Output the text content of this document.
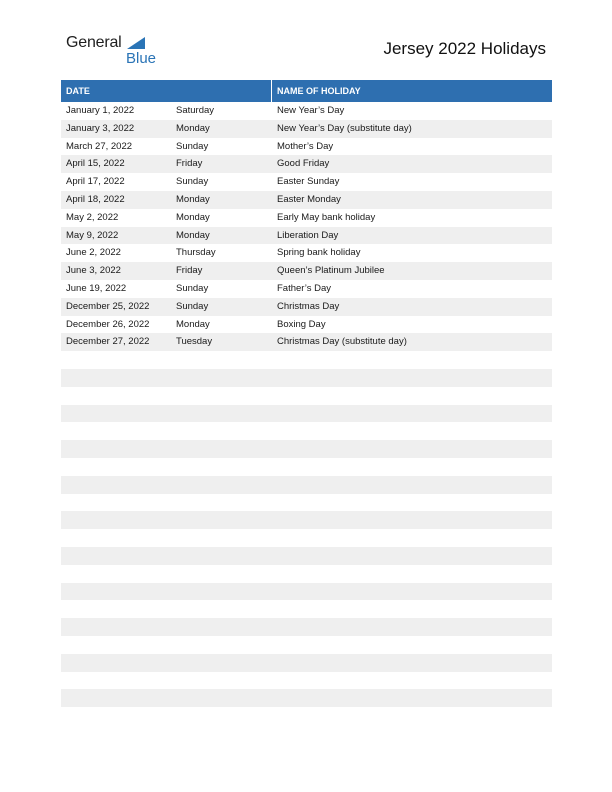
General
Blue
Jersey 2022 Holidays
DATE	NAME OF HOLIDAY
January 1, 2022	Saturday	New Year’s Day
January 3, 2022	Monday	New Year’s Day (substitute day)
March 27, 2022	Sunday	Mother’s Day
April 15, 2022	Friday	Good Friday
April 17, 2022	Sunday	Easter Sunday
April 18, 2022	Monday	Easter Monday
May 2, 2022	Monday	Early May bank holiday
May 9, 2022	Monday	Liberation Day
June 2, 2022	Thursday	Spring bank holiday
June 3, 2022	Friday	Queen’s Platinum Jubilee
June 19, 2022	Sunday	Father’s Day
December 25, 2022	Sunday	Christmas Day
December 26, 2022	Monday	Boxing Day
December 27, 2022	Tuesday	Christmas Day (substitute day)
